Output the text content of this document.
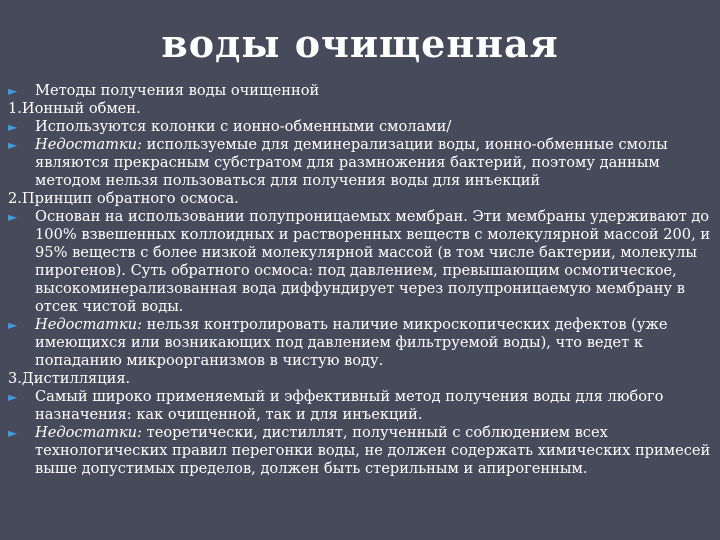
воды очищенная

► Методы получения воды очищенной

1.Ионный обмен.

► Используются колонки с ионно-обменными смолами/

► Недостатки: используемые для деминерализации воды, ионно-обменные смолы являются прекрасным субстратом для размножения бактерий, поэтому данным методом нельзя пользоваться для получения воды для инъекций

2.Принцип обратного осмоса.

► Основан на использовании полупроницаемых мембран. Эти мембраны удерживают до 100% взвешенных коллоидных и растворенных веществ с молекулярной массой 200, и 95% веществ с более низкой молекулярной массой (в том числе бактерии, молекулы пирогенов). Суть обратного осмоса: под давлением, превышающим осмотическое, высокоминерализованная вода диффундирует через полупроницаемую мембрану в отсек чистой воды.

► Недостатки: нельзя контролировать наличие микроскопических дефектов (уже имеющихся или возникающих под давлением фильтруемой воды), что ведет к попаданию микроорганизмов в чистую воду.

3.Дистилляция.

► Самый широко применяемый и эффективный метод получения воды для любого назначения: как очищенной, так и для инъекций.

► Недостатки: теоретически, дистиллят, полученный с соблюдением всех технологических правил перегонки воды, не должен содержать химических примесей выше допустимых пределов, должен быть стерильным и апирогенным.
